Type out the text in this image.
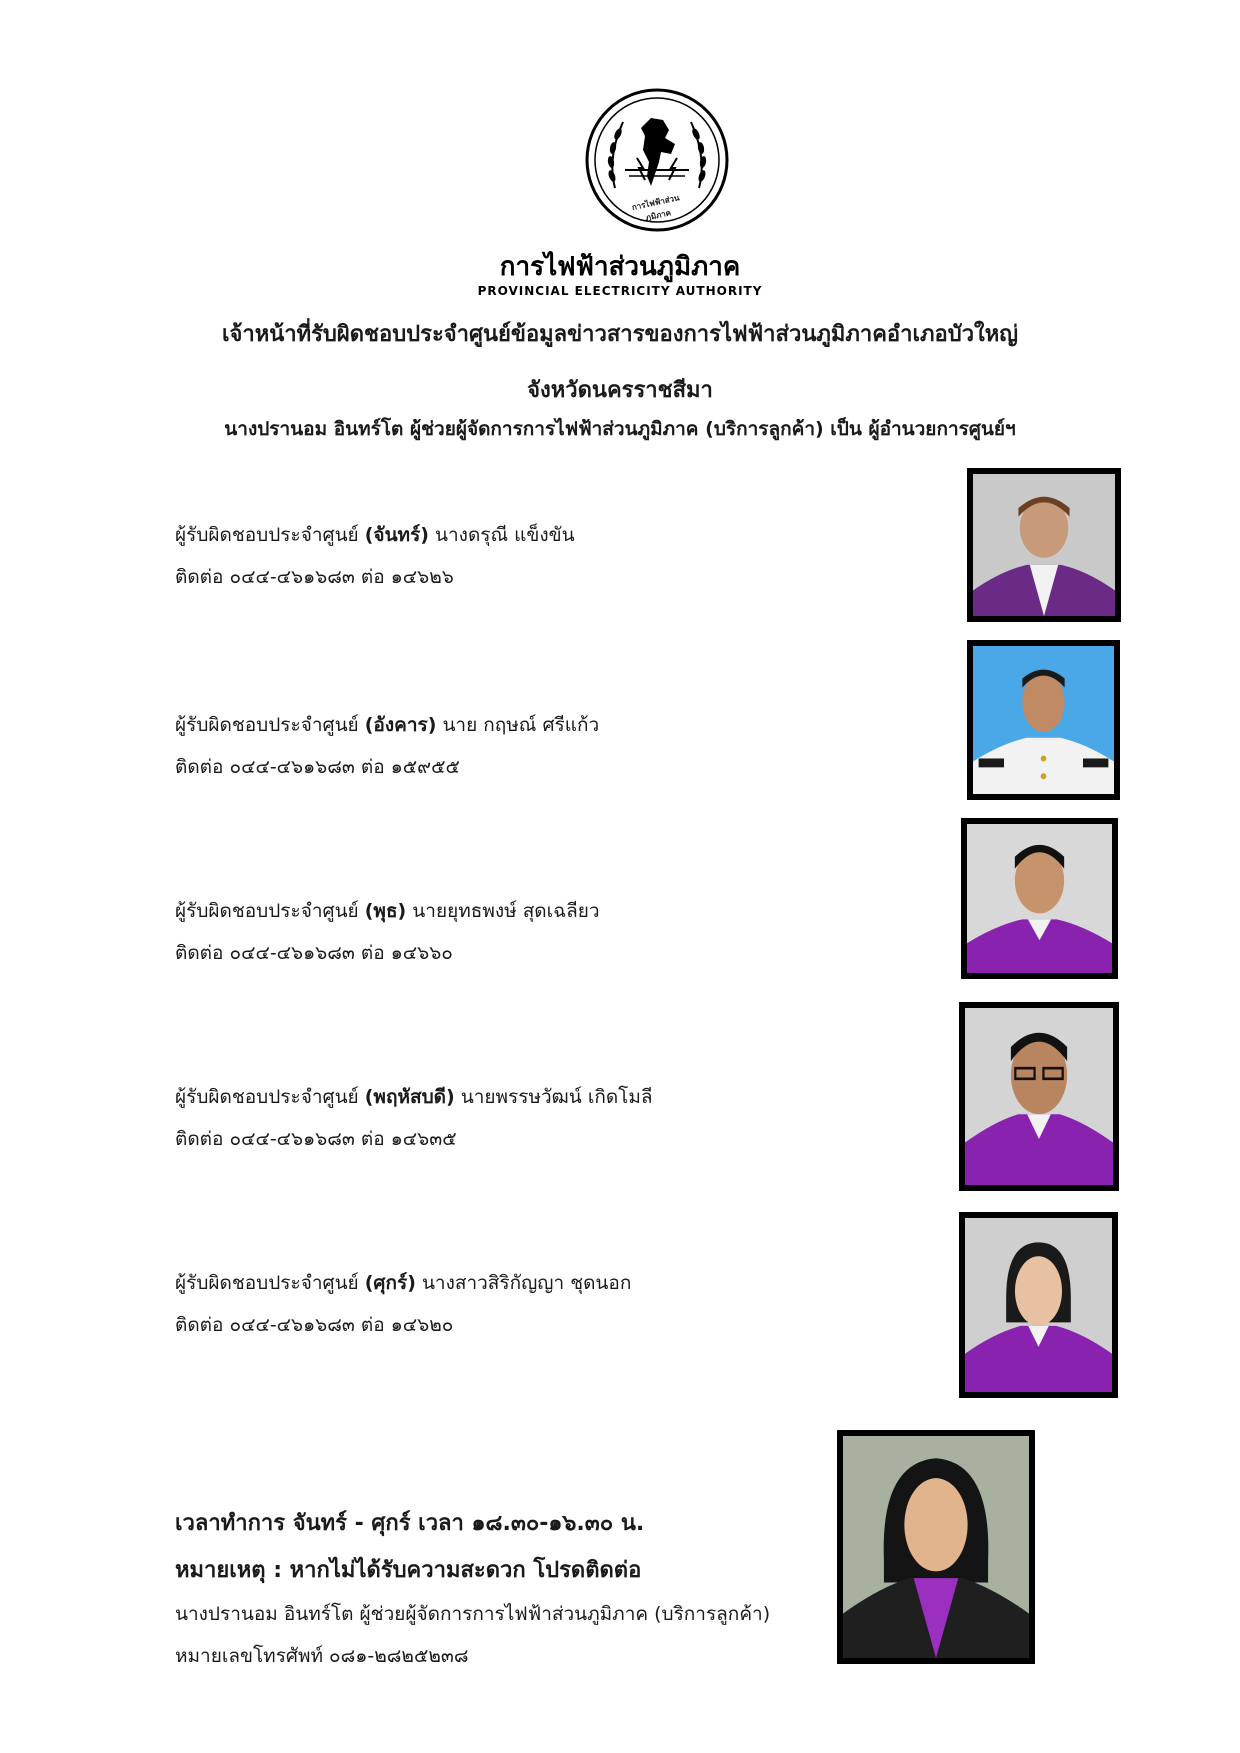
การไฟฟ้าส่วนภูมิภาค
การไฟฟ้าส่วนภูมิภาค
PROVINCIAL ELECTRICITY AUTHORITY
เจ้าหน้าที่รับผิดชอบประจำศูนย์ข้อมูลข่าวสารของการไฟฟ้าส่วนภูมิภาคอำเภอบัวใหญ่
จังหวัดนครราชสีมา
นางปรานอม อินทร์โต ผู้ช่วยผู้จัดการการไฟฟ้าส่วนภูมิภาค (บริการลูกค้า) เป็น ผู้อำนวยการศูนย์ฯ
ผู้รับผิดชอบประจำศูนย์ (จันทร์) นางดรุณี แข็งขัน
ติดต่อ ๐๔๔-๔๖๑๖๘๓ ต่อ ๑๔๖๒๖
ผู้รับผิดชอบประจำศูนย์ (อังคาร) นาย กฤษณ์ ศรีแก้ว
ติดต่อ ๐๔๔-๔๖๑๖๘๓ ต่อ ๑๕๙๕๕
ผู้รับผิดชอบประจำศูนย์ (พุธ) นายยุทธพงษ์ สุดเฉลียว
ติดต่อ ๐๔๔-๔๖๑๖๘๓ ต่อ ๑๔๖๖๐
ผู้รับผิดชอบประจำศูนย์ (พฤหัสบดี) นายพรรษวัฒน์ เกิดโมลี
ติดต่อ ๐๔๔-๔๖๑๖๘๓ ต่อ ๑๔๖๓๕
ผู้รับผิดชอบประจำศูนย์ (ศุกร์) นางสาวสิริกัญญา ชุดนอก
ติดต่อ ๐๔๔-๔๖๑๖๘๓ ต่อ ๑๔๖๒๐
เวลาทำการ จันทร์ - ศุกร์ เวลา ๑๘.๓๐-๑๖.๓๐ น.
หมายเหตุ : หากไม่ได้รับความสะดวก โปรดติดต่อ
นางปรานอม อินทร์โต ผู้ช่วยผู้จัดการการไฟฟ้าส่วนภูมิภาค (บริการลูกค้า)
หมายเลขโทรศัพท์ ๐๘๑-๒๘๒๕๒๓๘
